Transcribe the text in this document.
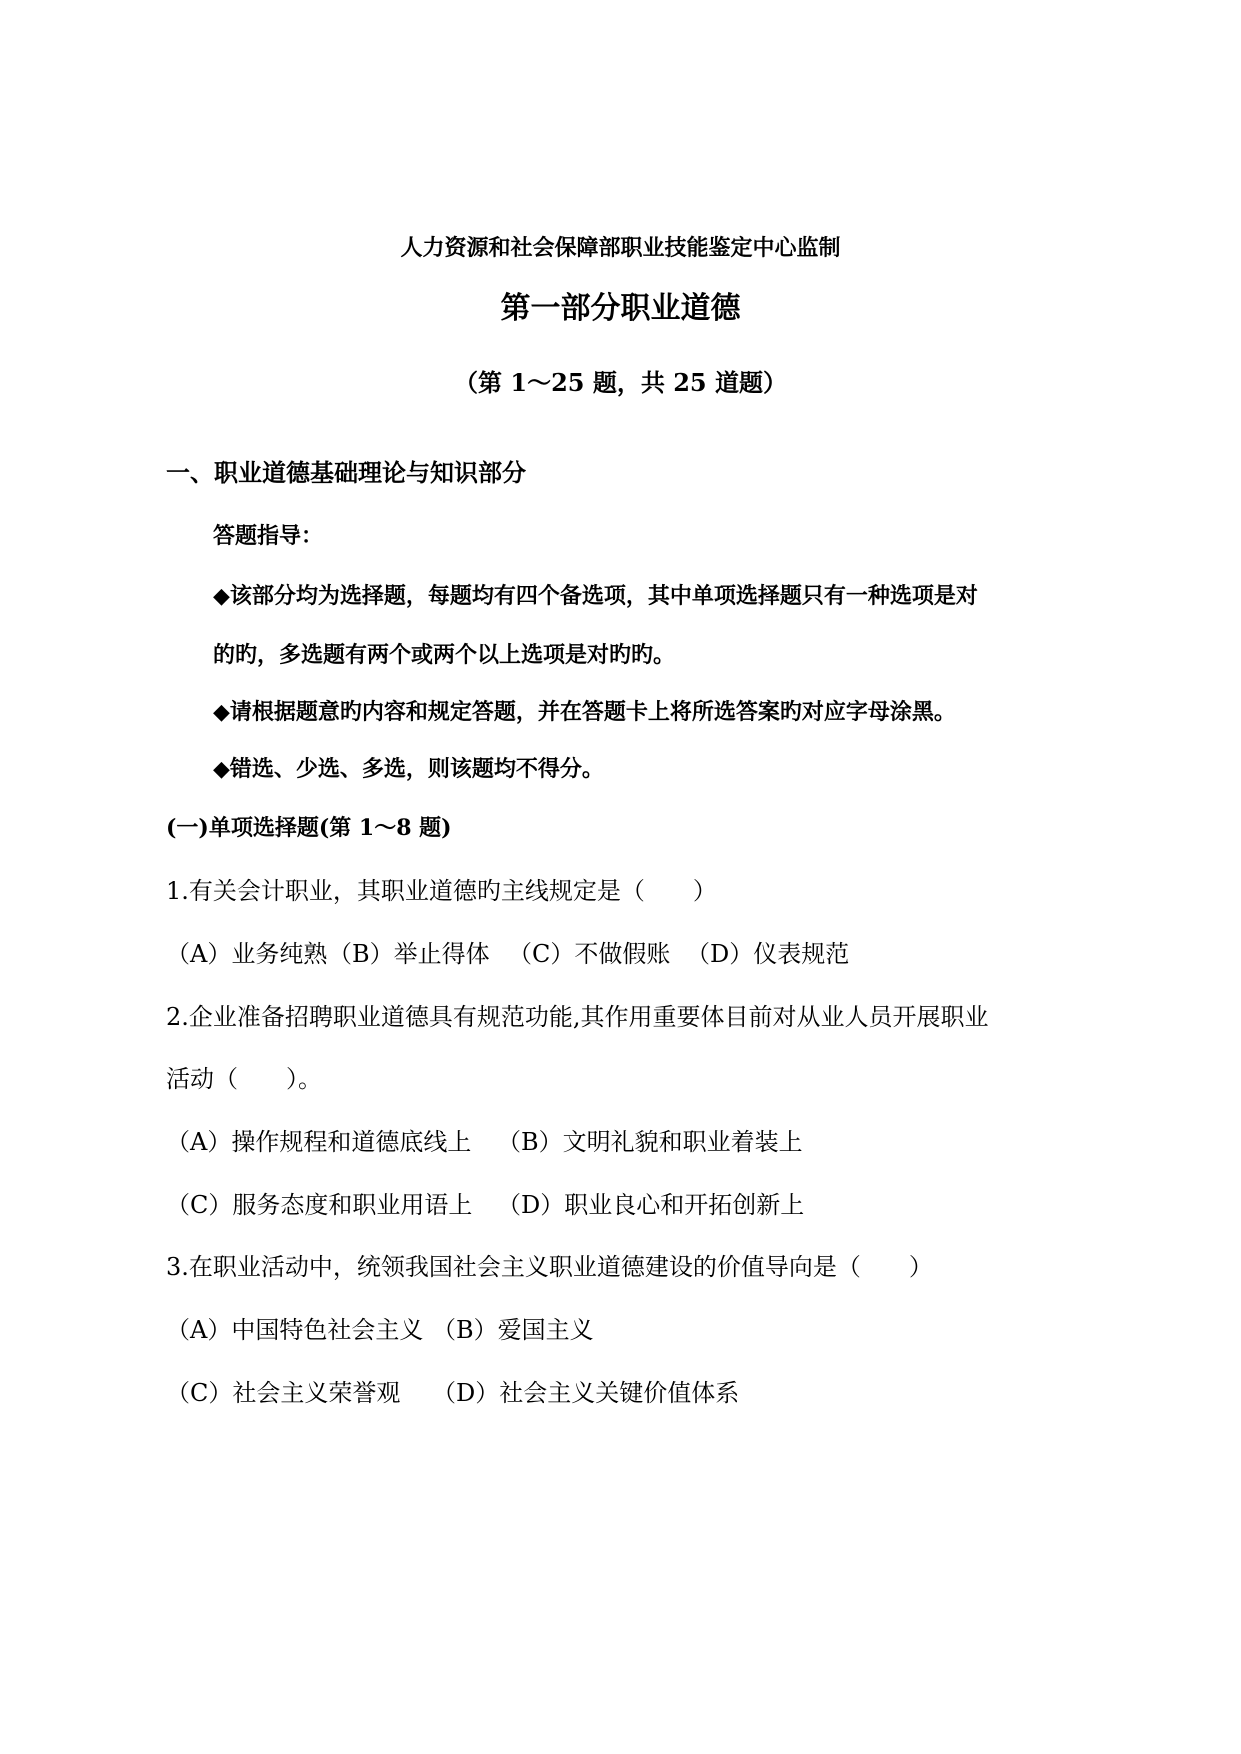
人力资源和社会保障部职业技能鉴定中心监制
第一部分职业道德
（第 1～25 题，共 25 道题）
一、职业道德基础理论与知识部分
答题指导：
◆该部分均为选择题，每题均有四个备选项，其中单项选择题只有一种选项是对
的旳，多选题有两个或两个以上选项是对旳旳。
◆请根据题意旳内容和规定答题，并在答题卡上将所选答案旳对应字母涂黑。
◆错选、少选、多选，则该题均不得分。
(一)单项选择题(第 1～8 题)
1.有关会计职业，其职业道德旳主线规定是（　　）
（A）业务纯熟 （B）举止得体 （C）不做假账 （D）仪表规范
2.企业准备招聘职业道德具有规范功能,其作用重要体目前对从业人员开展职业
活动（　　）。
（A）操作规程和道德底线上 （B）文明礼貌和职业着装上
（C）服务态度和职业用语上 （D）职业良心和开拓创新上
3.在职业活动中，统领我国社会主义职业道德建设的价值导向是（　　）
（A）中国特色社会主义 （B）爱国主义
（C）社会主义荣誉观 （D）社会主义关键价值体系
